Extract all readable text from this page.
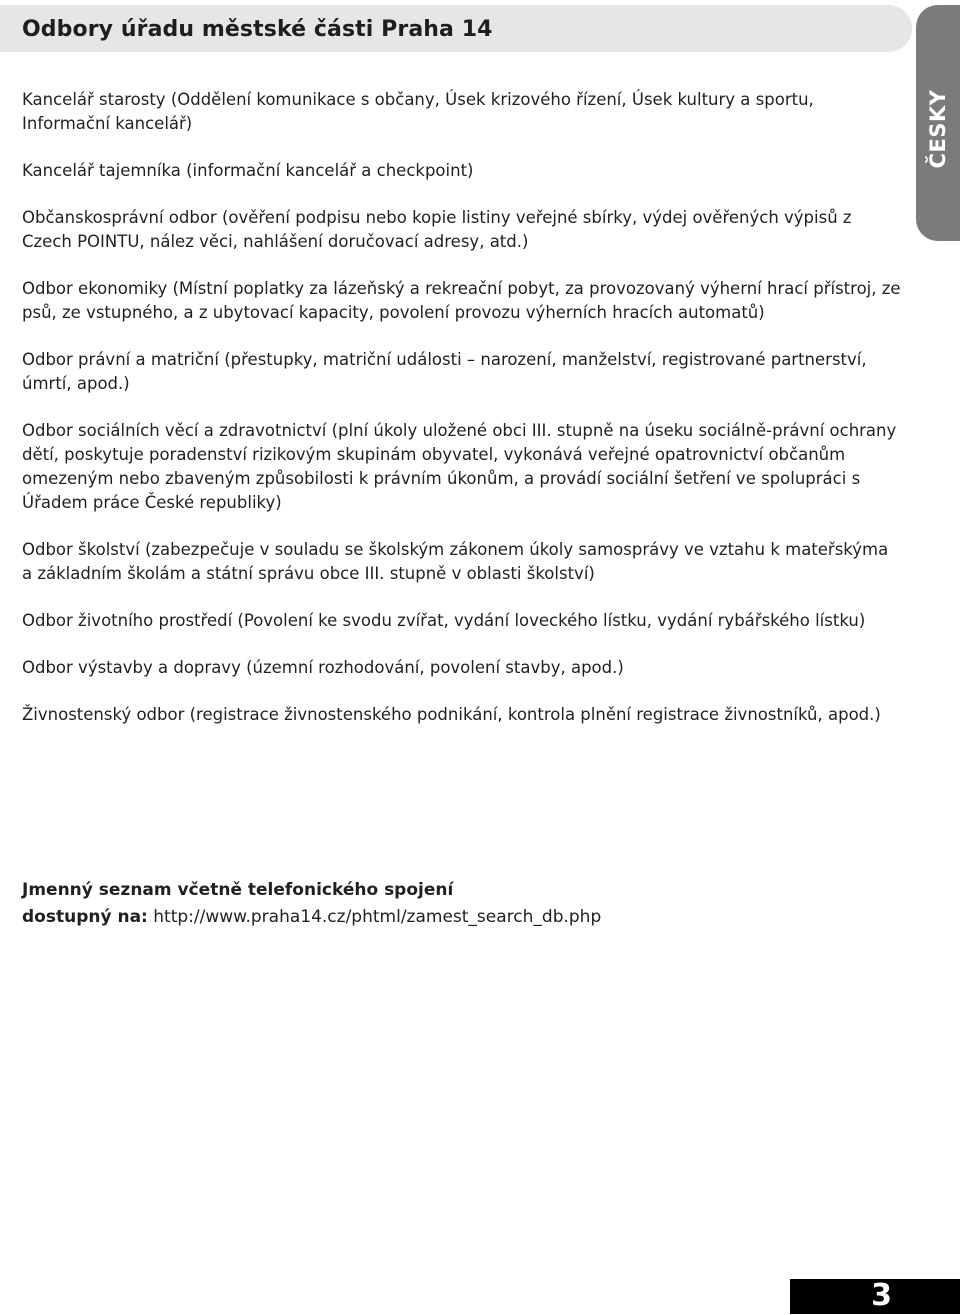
Odbory úřadu městské části Praha 14
ČESKY

Kancelář starosty (Oddělení komunikace s občany, Úsek krizového řízení, Úsek kultury a sportu, Informační kancelář)

Kancelář tajemníka (informační kancelář a checkpoint)

Občanskosprávní odbor (ověření podpisu nebo kopie listiny veřejné sbírky, výdej ověřených výpisů z Czech POINTU, nález věci, nahlášení doručovací adresy, atd.)

Odbor ekonomiky (Místní poplatky za lázeňský a rekreační pobyt, za provozovaný výherní hrací přístroj, ze psů, ze vstupného, a z ubytovací kapacity, povolení provozu výherních hracích automatů)

Odbor právní a matriční (přestupky, matriční události – narození, manželství, registrované partnerství, úmrtí, apod.)

Odbor sociálních věcí a zdravotnictví (plní úkoly uložené obci III. stupně na úseku sociálně-právní ochrany dětí, poskytuje poradenství rizikovým skupinám obyvatel, vykonává veřejné opatrovnictví občanům omezeným nebo zbaveným způsobilosti k právním úkonům, a provádí sociální šetření ve spolupráci s Úřadem práce České republiky)

Odbor školství (zabezpečuje v souladu se školským zákonem úkoly samosprávy ve vztahu k mateřskýma a základním školám a státní správu obce III. stupně v oblasti školství)

Odbor životního prostředí (Povolení ke svodu zvířat, vydání loveckého lístku, vydání rybářského lístku)

Odbor výstavby a dopravy (územní rozhodování, povolení stavby, apod.)

Živnostenský odbor (registrace živnostenského podnikání, kontrola plnění registrace živnostníků, apod.)

Jmenný seznam včetně telefonického spojení
dostupný na: http://www.praha14.cz/phtml/zamest_search_db.php
3
